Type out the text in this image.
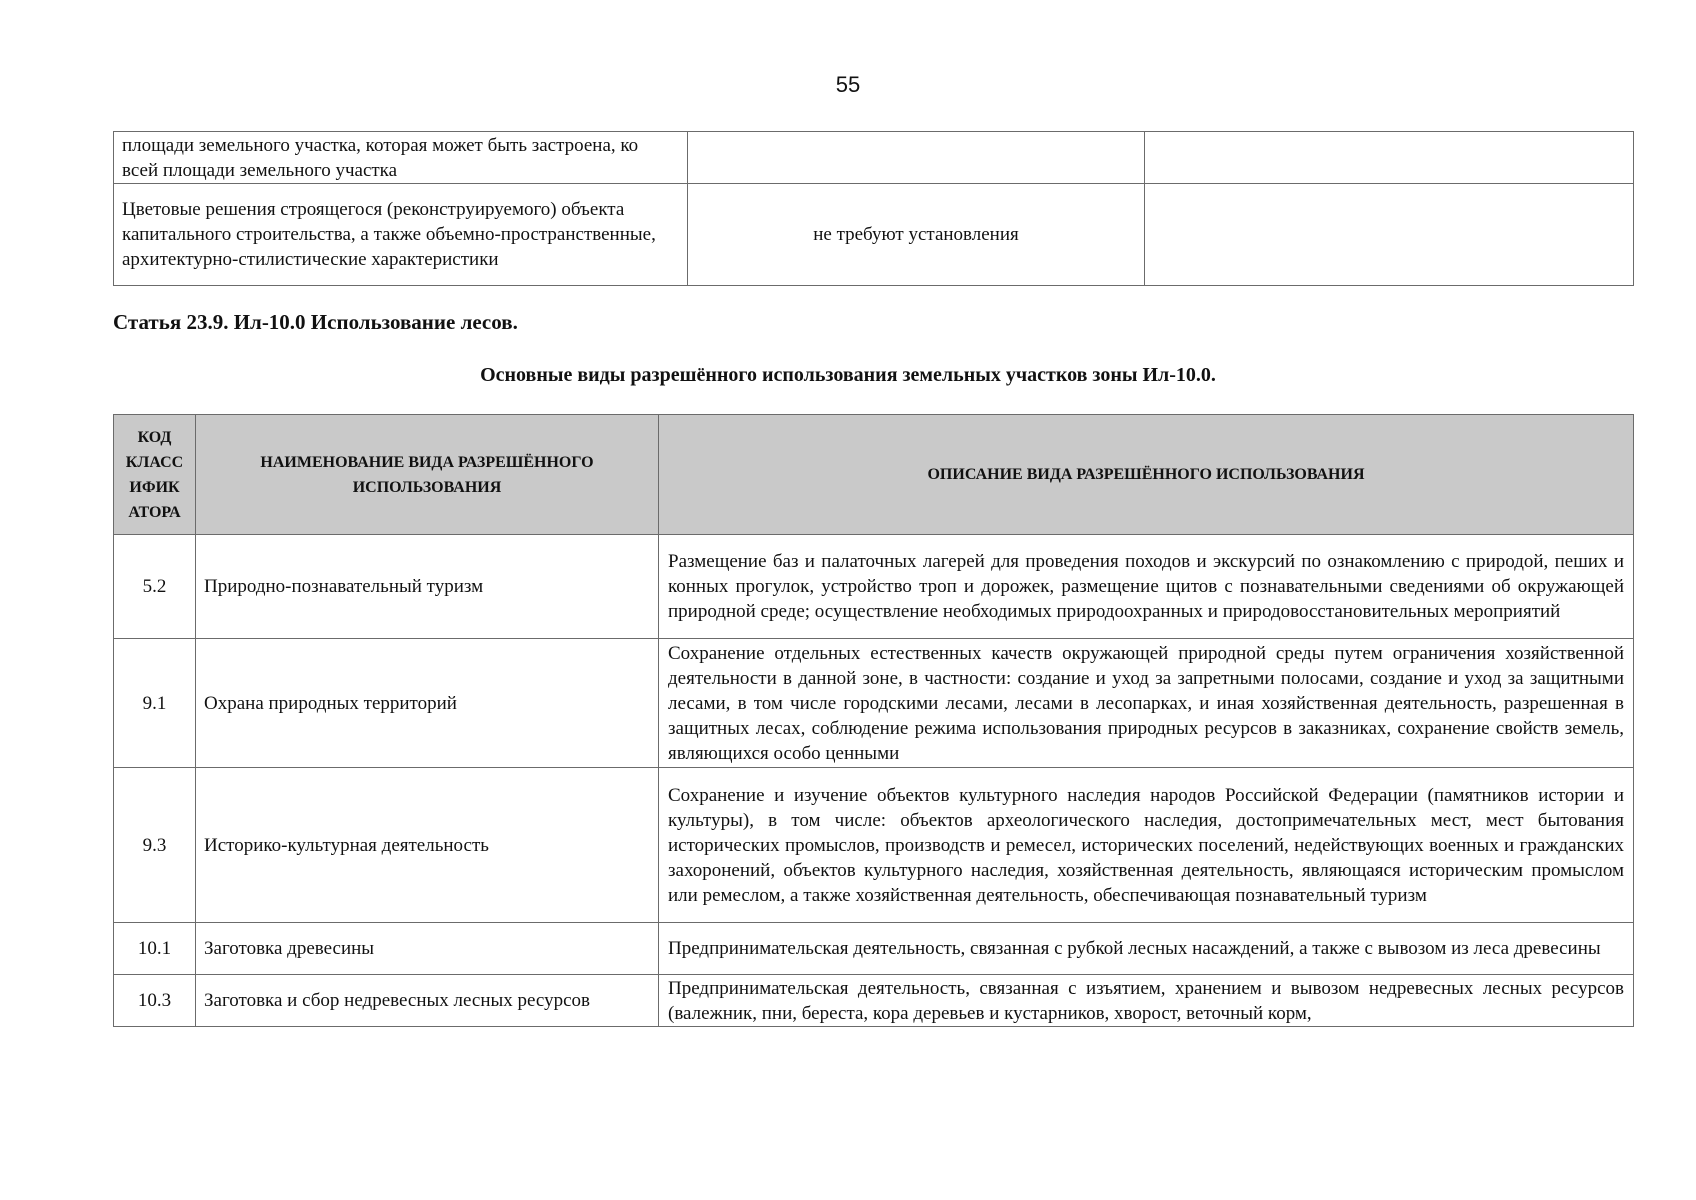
55
площади земельного участка, которая может быть застроена, ко всей площади земельного участка		
Цветовые решения строящегося (реконструируемого) объекта капитального строительства, а также объемно-пространственные, архитектурно-стилистические характеристики	не требуют установления	
Статья 23.9. Ил-10.0 Использование лесов.
Основные виды разрешённого использования земельных участков зоны Ил-10.0.
КОД КЛАСС ИФИК АТОРА	НАИМЕНОВАНИЕ ВИДА РАЗРЕШЁННОГО ИСПОЛЬЗОВАНИЯ	ОПИСАНИЕ ВИДА РАЗРЕШЁННОГО ИСПОЛЬЗОВАНИЯ
5.2	Природно-познавательный туризм	Размещение баз и палаточных лагерей для проведения походов и экскурсий по ознакомлению с природой, пеших и конных прогулок, устройство троп и дорожек, размещение щитов с познавательными сведениями об окружающей природной среде; осуществление необходимых природоохранных и природовосстановительных мероприятий
9.1	Охрана природных территорий	Сохранение отдельных естественных качеств окружающей природной среды путем ограничения хозяйственной деятельности в данной зоне, в частности: создание и уход за запретными полосами, создание и уход за защитными лесами, в том числе городскими лесами, лесами в лесопарках, и иная хозяйственная деятельность, разрешенная в защитных лесах, соблюдение режима использования природных ресурсов в заказниках, сохранение свойств земель, являющихся особо ценными
9.3	Историко-культурная деятельность	Сохранение и изучение объектов культурного наследия народов Российской Федерации (памятников истории и культуры), в том числе: объектов археологического наследия, достопримечательных мест, мест бытования исторических промыслов, производств и ремесел, исторических поселений, недействующих военных и гражданских захоронений, объектов культурного наследия, хозяйственная деятельность, являющаяся историческим промыслом или ремеслом, а также хозяйственная деятельность, обеспечивающая познавательный туризм
10.1	Заготовка древесины	Предпринимательская деятельность, связанная с рубкой лесных насаждений, а также с вывозом из леса древесины
10.3	Заготовка и сбор недревесных лесных ресурсов	Предпринимательская деятельность, связанная с изъятием, хранением и вывозом недревесных лесных ресурсов (валежник, пни, береста, кора деревьев и кустарников, хворост, веточный корм,
